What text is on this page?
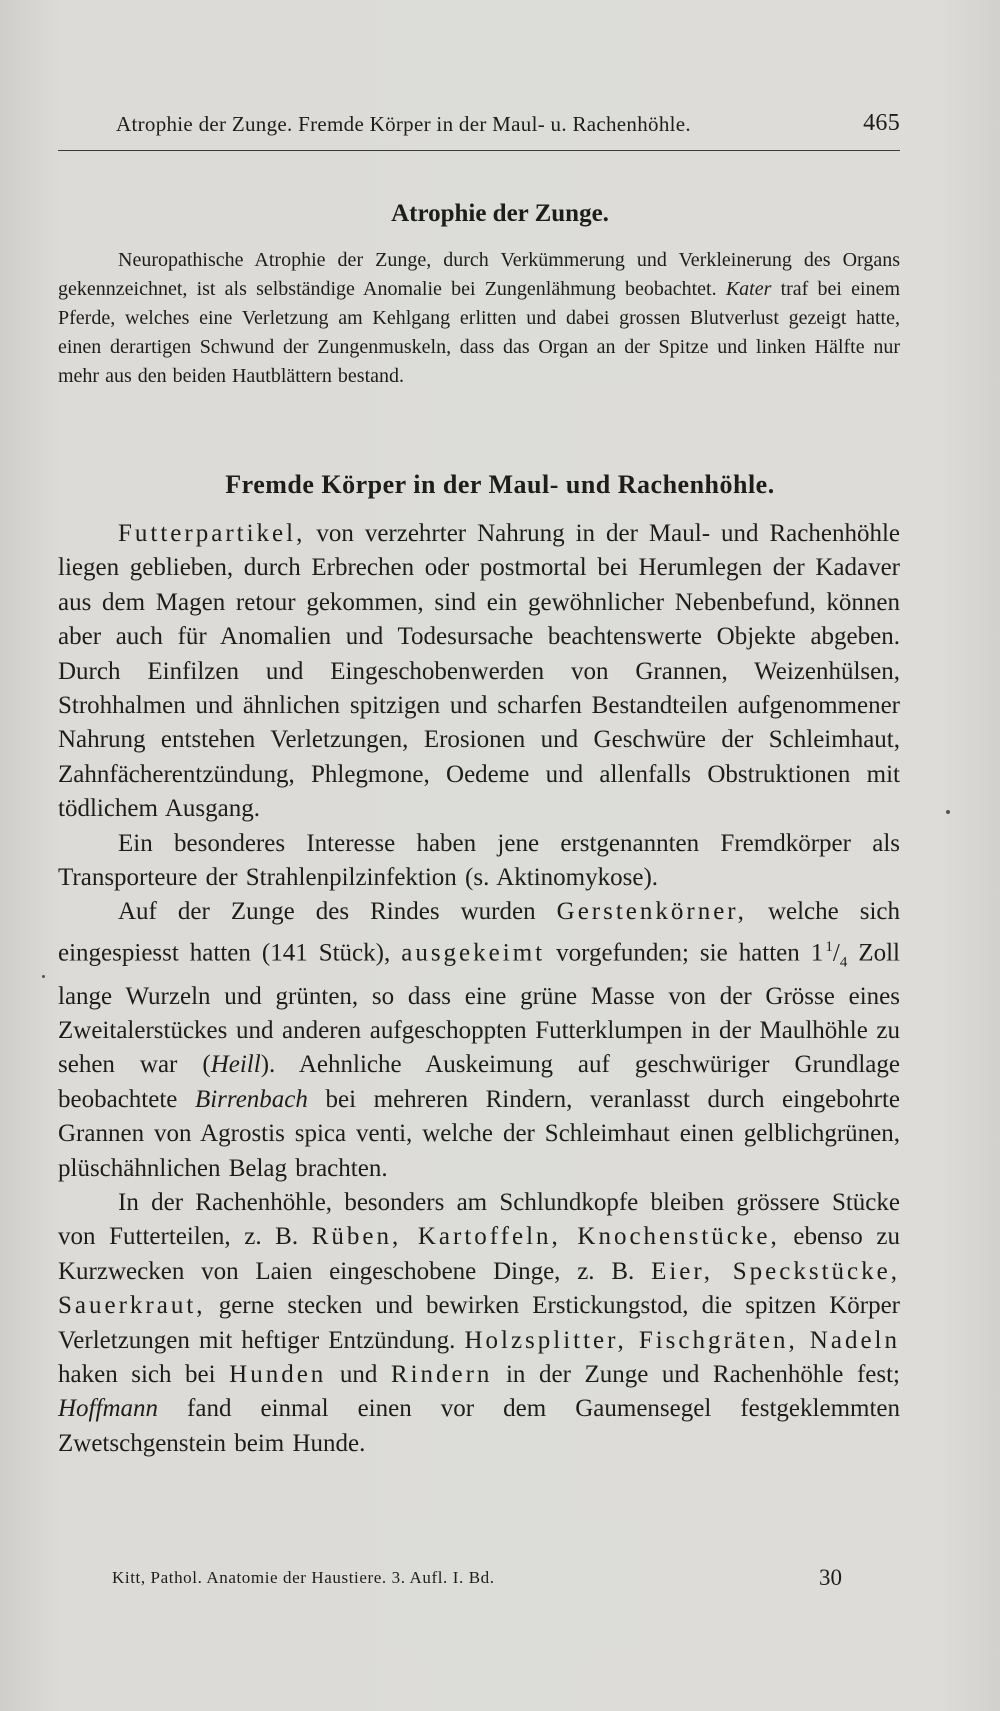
Atrophie der Zunge. Fremde Körper in der Maul- u. Rachenhöhle.	465
Atrophie der Zunge.

Neuropathische Atrophie der Zunge, durch Verkümmerung und Verkleinerung des Organs gekennzeichnet, ist als selbständige Anomalie bei Zungenlähmung beobachtet. Kater traf bei einem Pferde, welches eine Verletzung am Kehlgang erlitten und dabei grossen Blutverlust gezeigt hatte, einen derartigen Schwund der Zungenmuskeln, dass das Organ an der Spitze und linken Hälfte nur mehr aus den beiden Hautblättern bestand.

Fremde Körper in der Maul- und Rachenhöhle.

Futterpartikel, von verzehrter Nahrung in der Maul- und Rachenhöhle liegen geblieben, durch Erbrechen oder postmortal bei Herumlegen der Kadaver aus dem Magen retour gekommen, sind ein gewöhnlicher Nebenbefund, können aber auch für Anomalien und Todesursache beachtenswerte Objekte abgeben. Durch Einfilzen und Eingeschobenwerden von Grannen, Weizenhülsen, Strohhalmen und ähnlichen spitzigen und scharfen Bestandteilen aufgenommener Nahrung entstehen Verletzungen, Erosionen und Geschwüre der Schleimhaut, Zahnfächerentzündung, Phlegmone, Oedeme und allenfalls Obstruktionen mit tödlichem Ausgang.

Ein besonderes Interesse haben jene erstgenannten Fremdkörper als Transporteure der Strahlenpilzinfektion (s. Aktinomykose).

Auf der Zunge des Rindes wurden Gerstenkörner, welche sich eingespiesst hatten (141 Stück), ausgekeimt vorgefunden; sie hatten 1  $^1/_4$ Zoll lange Wurzeln und grünten, so dass eine grüne Masse von der Grösse eines Zweitalerstückes und anderen aufgeschoppten Futterklumpen in der Maulhöhle zu sehen war (Heill). Aehnliche Auskeimung auf geschwüriger Grundlage beobachtete Birrenbach bei mehreren Rindern, veranlasst durch eingebohrte Grannen von Agrostis spica venti, welche der Schleimhaut einen gelblichgrünen, plüschähnlichen Belag brachten.

In der Rachenhöhle, besonders am Schlundkopfe bleiben grössere Stücke von Futterteilen, z. B. Rüben, Kartoffeln, Knochenstücke, ebenso zu Kurzwecken von Laien eingeschobene Dinge, z. B. Eier, Speckstücke, Sauerkraut, gerne stecken und bewirken Erstickungstod, die spitzen Körper Verletzungen mit heftiger Entzündung. Holzsplitter, Fischgräten, Nadeln haken sich bei Hunden und Rindern in der Zunge und Rachenhöhle fest; Hoffmann fand einmal einen vor dem Gaumensegel festgeklemmten Zwetschgenstein beim Hunde.

Kitt, Pathol. Anatomie der Haustiere. 3. Aufl. I. Bd.	30
